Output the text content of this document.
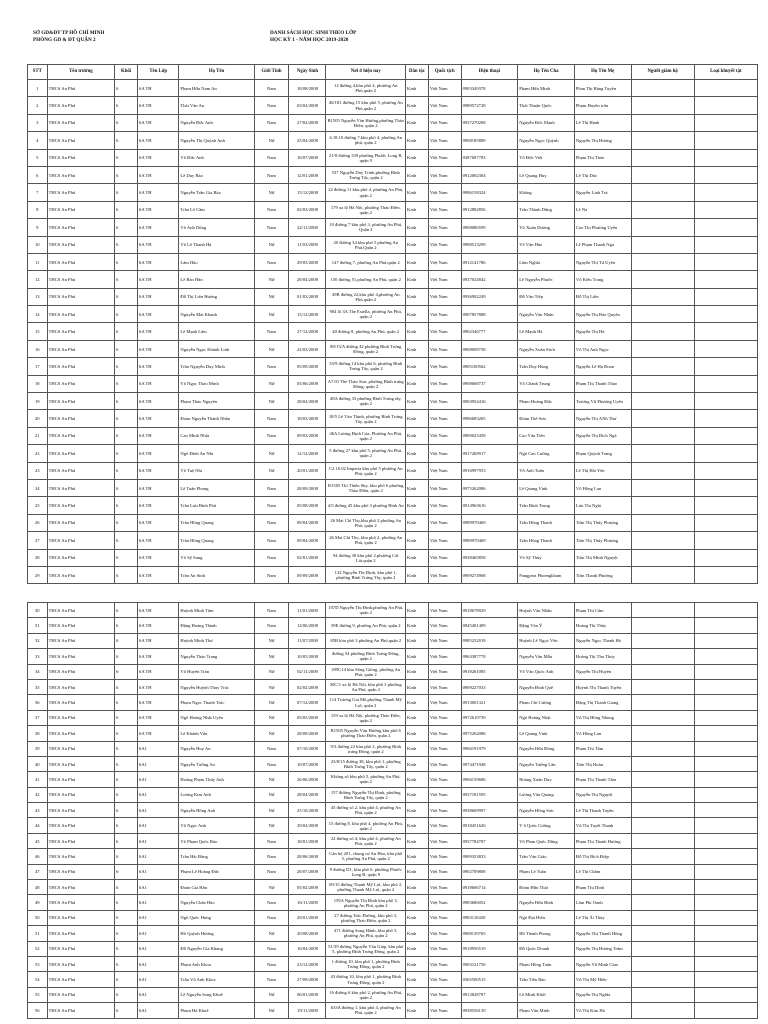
SỞ GD&ĐT TP HỒ CHÍ MINH
PHÒNG GD & ĐT QUẬN 2
DANH SÁCH HỌC SINH THEO LỚP
HỌC KỲ 1 - NĂM HỌC 2019-2020
STT	Tên trường	Khối	Tên Lớp	Họ Tên	Giới Tính	Ngày Sinh	Nơi ở hiện nay	Dân tộc	Quốc tịch	Điện thoại	Họ Tên Cha	Họ Tên Mẹ	Người giám hộ	Loại khuyết tật
1	THCS An Phú	6	6A TH	Phạm Hữu Nam An	Nam	18/08/2008	12 đường 4,khu phố 4, phường An Phú,quận 2	Kinh	Việt Nam	0903349378	Phạm Hữu Minh	Phan Thị Băng Tuyền		
2	THCS An Phú	6	6A TH	Thái Văn An	Nam	03/04/2008	40/181 đường 15 khu phố 5, phường An Phú,quận 2	Kinh	Việt Nam	0989572728	Thái Thuận Quốc	Phạm Huyền trân		
3	THCS An Phú	6	6A TH	Nguyễn Đức Anh	Nam	27/02/2008	B1505 Nguyễn Văn Hưởng,phường Thảo Điền, quận 2	Kinh	Việt Nam	0937270268	Nguyễn Đức Mạnh	Lê Thị Hạnh		
4	THCS An Phú	6	6A TH	Nguyễn Thị Quỳnh Anh	Nữ	25/04/2008	6.18.10 đường 7,khu phố 4, phường An phú, quận 2	Kinh	Việt Nam	0908185889	Nguyễn Ngọc Quỳnh	Nguyễn Thị Hương		
5	THCS An Phú	6	6A TH	Võ Đức Anh	Nam	16/07/2008	21/8 đường 339 phường Phước Long B, quận 9	Kinh	Việt Nam	0387687783	Võ Đức Việt	Phạm Thị Thảo		
6	THCS An Phú	6	6A TH	Lê Duy Bảo	Nam	12/01/2008	537 Nguyễn Duy Trinh,phường Bình Trưng Tây, quận 2	Kinh	Việt Nam	0912002304	Lê Quang Huy	Lê Thị Dảo		
7	THCS An Phú	6	6A TH	Nguyễn Trần Gia Bảo	Nữ	15/12/2008	22 đường 11 khu phố 4, phường An Phú, quận 2	Kinh	Việt Nam	0986158324	Không	Nguyễn Linh Trà		
8	THCS An Phú	6	6A TH	Trần Lê Cầm	Nam	02/03/2008	179 xa lộ Hà Nội, phường Thảo Điền, quận 2	Kinh	Việt Nam	0912882856	Trần Thành Dũng	Lê Na		
9	THCS An Phú	6	6A TH	Võ Anh Dũng	Nam	22/11/2008	10 đường 7 khu phố 3, phường An Phú, Quận 2	Kinh	Việt Nam	0908086599	Võ Xuân Dương	Cao Thị Phương Uyên		
10	THCS An Phú	6	6A TH	Võ Lê Thanh Hà	Nữ	11/03/2008	20 đường 34 khu phố 5 phường An Phú,Quận 2	Kinh	Việt Nam	0988513299	Võ Văn Hào	Lê Phạm Thanh Nga		
11	THCS An Phú	6	6A TH	Lâm Hảo	Nam	29/05/2008	147 đường 7, phường An Phú,quận 2	Kinh	Việt Nam	0912141786	Lâm Nghĩa	Nguyễn Thị Tú Uyên		
12	THCS An Phú	6	6A TH	Lê Bảo Hân	Nữ	28/04/2008	150 đường 51,phường An Phú, quận 2	Kinh	Việt Nam	0937024842	Lê Nguyễn Phước	Võ Kiều Trang		
13	THCS An Phú	6	6A TH	Đỗ Thị Liên Hương	Nữ	01/03/2008	49B đường 22,khu phố 4,phường An Phú,quận 2	Kinh	Việt Nam	0936902249	Đỗ Văn Tiếp	Đỗ Thị Liên		
14	THCS An Phú	6	6A TH	Nguyễn Mai Khanh	Nữ	15/12/2008	904 lô 3A The Estella, phường An Phú, quận 2	Kinh	Việt Nam	0907857888	Nguyễn Văn Nhân	Nguyễn Thị Bảo Quyên		
15	THCS An Phú	6	6A TH	Lê Mạnh Lâm	Nam	27/12/2008	40 đường 8, phường An Phú, quận 2	Kinh	Việt Nam	0902346777	Lê Mạnh Hà	Nguyễn Thị Hà		
16	THCS An Phú	6	6A TH	Nguyễn Ngọc Khánh Linh	Nữ	22/03/2008	80/13/A đường 42 phường Bình Trưng Đông, quận 2	Kinh	Việt Nam	0908008758	Nguyễn Xuân Sách	Võ Thị Anh Ngọc		
17	THCS An Phú	6	6A TH	Trần Nguyễn Duy Minh	Nam	05/09/2008	35/9 đường 14 khu phố 6, phường Bình Trưng Tây, quận 2	Kinh	Việt Nam	0905100562	Trần Duy Hùng	Nguyễn Lê Hạ Đoan		
18	THCS An Phú	6	6A TH	Võ Ngọc Thảo Minh	Nữ	03/06/2008	A7.01 The Thảo Star, phường Bình trưng Đông, quận 2	Kinh	Việt Nam	0908668737	Võ Chánh Trung	Phạm Thị Thanh Thảo		
19	THCS An Phú	6	6A TH	Phạm Thảo Nguyên	Nữ	28/04/2008	48A đường 33 phường Bình Trưng tây, quận 2	Kinh	Việt Nam	0903954416	Phạm Hoàng Đức	Trương Vũ Phương Uyên		
20	THCS An Phú	6	6A TH	Đoàn Nguyễn Thành Nhân	Nam	18/03/2008	18/5 Lê Văn Thịnh, phường Bình Trưng Tây, quận 2	Kinh	Việt Nam	0986683265	Đoàn Thế Sơn	Nguyễn Thị ANh Thư		
21	THCS An Phú	6	6A TH	Cao Minh Nhật	Nam	09/03/2008	46A Lương Định Của, Phường An Phú, quận 2	Kinh	Việt Nam	0909025458	Cao Văn Tiến	Nguyễn Thị Bích Ngà		
22	THCS An Phú	6	6A TH	Ngô Đình An Nhi	Nữ	12/12/2008	5 đường 27 khu phố 5, phường An Phú, quận 2	Kinh	Việt Nam	0917269917	Ngô Cao Cường	Phạm Quỳnh Trang		
23	THCS An Phú	6	6A TH	Võ Tuệ Nhi	Nữ	20/01/2008	C2.16.02 Imperia khu phố 5 phường An Phú, quận 2	Kinh	Việt Nam	0916997953	Võ Anh Tuấn	Lê Thị Hải Yến		
24	THCS An Phú	6	6A TH	Lê Tuấn Phong	Nam	28/09/2008	B1505 Thi Thiên Sky, khu phố 6 phường Thảo Điền, quận 2	Kinh	Việt Nam	0975262086	Lê Quang Vinh	Võ Hồng Lan		
25	THCS An Phú	6	6A TH	Trần Lưu Bình Phú	Nam	05/08/2008	4/5 đường 45 khu phố 3 phường Bình An	Kinh	Việt Nam	0914963616	Trần Bình Trung	Lưu Thị Nghi		
26	THCS An Phú	6	6A TH	Trần Hồng Quang	Nam	09/04/2008	26 Mai Chí Thọ,khu phố 2 phường An Phú, quận 2	Kinh	Việt Nam	0989970469	Trần Hồng Thanh	Trần Thị Thúy Phượng		
27	THCS An Phú	6	6A TH	Trần Hồng Quang	Nam	09/04/2008	26 Mai Chí Thọ, khu phố 2, phường An Phú, quận 2	Kinh	Việt Nam	0989970469	Trần Hồng Thanh	Trần Thị Thúy Phượng		
28	THCS An Phú	6	6A TH	Võ Sỹ Sang	Nam	02/01/2008	94 đường 30 khu phố 2,phường Cát Lái,quận 2	Kinh	Việt Nam	0938465858	Võ Sỹ Thủy	Trần Thị Minh Nguyệt		
29	THCS An Phú	6	6A TH	Trần An Sinh	Nam	09/09/2008	132 Nguyễn Thị Định, khu phố 1, phường Bình Trưng Tây, quận 2	Kinh	Việt Nam	0909274968	Pangpera Phuengkham	Trần Thanh Phương		
30	THCS An Phú	6	6A TH	Huỳnh Minh Tâm	Nam	11/01/2008	107D Nguyễn Thị Định,phường An Phú, quận 2	Kinh	Việt Nam	0918678929	Huỳnh Văn Nhân	Phạm Thị Cẩm		
31	THCS An Phú	6	6A TH	Đặng Hoàng Thành	Nam	12/06/2008	39E đường 9, phường An Phú, quận 2	Kinh	Việt Nam	0945401409	Đặng Văn Ý	Hoàng Thị Thủy		
32	THCS An Phú	6	6A TH	Huỳnh Minh Thư	Nữ	11/07/2008	85B khu phố 3 phường An Phú,quận 2	Kinh	Việt Nam	0985252018	Huỳnh Lê Ngọc Vẽn	Nguyễn Ngọc Thanh Hà		
33	THCS An Phú	6	6A TH	Nguyễn Thảo Trang	Nữ	10/05/2008	đường 54 phường Bình Trưng Đông, quận 2	Kinh	Việt Nam	0963387778	Nguyễn Văn Mẫu	Hoàng Thị Thu Thủy		
34	THCS An Phú	6	6A TH	Võ Huyền Trân	Nữ	02/11/2008	299C14 khu Sông Giồng, phường An Phú, quận 2	Kinh	Việt Nam	0918261085	Võ Văn Quốc Anh	Nguyễn Thị Huyền		
35	THCS An Phú	6	6A TH	Nguyễn Huỳnh Thủy Trúc	Nữ	02/02/2008	30C/1 xa lộ Hà Nội, khu phố 3 phường An Phú, quận 2	Kinh	Việt Nam	0909227033	Nguyễn Đình Quế	Huỳnh Thị Thanh Tuyền		
36	THCS An Phú	6	6A TH	Phạm Ngọc Thanh Trúc	Nữ	07/12/2008	114 Trương Gia Mô,phường Thạnh Mỹ Lợi, quận 2	Kinh	Việt Nam	0913001321	Phạm Chí Cường	Đặng Thị Thanh Giang		
37	THCS An Phú	6	6A TH	Ngô Hoàng Nhật Uyên	Nữ	05/05/2008	159 xa lộ Hà Nội, phường Thảo Điền, quận 2	Kinh	Việt Nam	0972619739	Ngô Hoàng Nhật	Vũ Thị Hồng Nhung		
38	THCS An Phú	6	6A TH	Lê Khánh Vân	Nữ	28/09/2008	B1505 Nguyễn Văn Hưởng khu phố 6 phường Thảo Điền, quận 2	Kinh	Việt Nam	0975262086	Lê Quang Vinh	Võ Hồng Lan		
39	THCS An Phú	6	6A1	Nguyễn Huy An	Nam	07/10/2008	9/3 đường 22 khu phố 2, phường Bình trưng Đông, quận 2	Kinh	Việt Nam	0966191979	Nguyễn Hữu Đông	Phạm Thị Tâm		
40	THCS An Phú	6	6A1	Nguyễn Tường An	Nam	10/07/2008	23/8/15 đường 38, khu phố 1, phường Bình Trưng Tây, quận 2	Kinh	Việt Nam	0974471948	Nguyễn Tường Lân	Trần Thị Hoàn		
41	THCS An Phú	6	6A1	Hoàng Phạm Thúy Anh	Nữ	26/06/2008	Không số khu phố 5, phường An Phú, quận 2	Kinh	Việt Nam	0966159686	Hoàng Xuân Duy	Phạm Thị Thanh Tâm		
42	THCS An Phú	6	6A1	Lương Kim Anh	Nữ	28/04/2008	157 đường Nguyễn Thị Định, phường Bình Trưng Tây, quận 2	Kinh	Việt Nam	0937181595	Lương Văn Quang	Nguyễn Thị Nguyệt		
43	THCS An Phú	6	6A1	Nguyễn Hồng Anh	Nữ	25/10/2008	45 đường số 2, khu phố 4, phường An Phú, quận 2	Kinh	Việt Nam	0938669997	Nguyễn Hồng Sơn	Lê Thị Thanh Tuyền		
44	THCS An Phú	6	6A1	Võ Ngọc Anh	Nữ	29/04/2008	15 đường 8, khu phố 4, phường An Phú, quận 2	Kinh	Việt Nam	0918451626	V õ Quốc Cường	Vũ Thị Tuyết Thanh		
45	THCS An Phú	6	6A1	Võ Phạm Quốc Bảo	Nam	18/01/2008	22 đường số 4, khu phố 4, phường An Phú, quận 2	Kinh	Việt Nam	0937784787	Võ Phan Quốc Dũng	Phạm Thị Thanh Hương		
46	THCS An Phú	6	6A1	Trần Hải Đăng	Nam	28/06/2008	Căn hộ 201, chung cư An Hòa, khu phố 5, phường An Phú, quận 2	Kinh	Việt Nam	0909353833	Trần Văn Giáo	Đỗ Thị Bích Điệp		
47	THCS An Phú	6	6A1	Phạm Lê Hoàng Đức	Nam	28/07/2008	9 đường D1, khu phố 6, phường Phước Long B, quận 9	Kinh	Việt Nam	0902709808	Phạm Lê Tuấn	Lê Thị Châm		
48	THCS An Phú	6	6A1	Đoàn Gia Hân	Nữ	05/02/2008	69/15 đường Thạnh Mỹ Lợi, khu phố 2, phường Thạnh Mỹ Lợi, quận 2	Kinh	Việt Nam	0918606714	Đoàn Hữu Thái	Phạm Thị Dinh		
49	THCS An Phú	6	6A1	Nguyễn Chấn Hào	Nam	16/11/2008	159A Nguyễn Thị Định khu phố 3, phường An Phú, quận 2	Kinh	Việt Nam	0983686052	Nguyễn Hữu Bình	Lâm Phi Oanh		
50	THCS An Phú	6	6A1	Ngô Quốc Hưng	Nam	29/01/2008	27 đường Trúc Đường, khu phố 3, phường Thảo Điền, quận 2	Kinh	Việt Nam	0983110430	Ngô Đại Hiếu	Lê Thị Ái Thủy		
51	THCS An Phú	6	6A1	Hồ Quỳnh Hương	Nữ	20/08/2008	471 đường Song Hành, khu phố 5, phường An Phú, quận 2	Kinh	Việt Nam	0908139765	Hồ Thanh Phong	Nguyễn Thị Thanh Hồng		
52	THCS An Phú	6	6A1	Đỗ Nguyễn Gia Khang	Nam	16/04/2008	51/39 đường Nguyễn Văn Giáp, khu phố 5, phường Bình Trưng Đông, quận 2	Kinh	Việt Nam	0918956519	Đỗ Quốc Doanh	Nguyễn Thị Hương Trâm		
53	THCS An Phú	6	6A1	Phạm Anh Khoa	Nam	23/12/2008	1 đường 10, khu phố 1, phường Bình Trưng Đông, quận 2	Kinh	Việt Nam	0903121750	Phạm Hồng Tuấn	Nguyễn Vũ Minh Giao		
54	THCS An Phú	6	6A1	Trần Vũ Anh Khoa	Nam	27/09/2008	43 đường 10, khu phố 1, phường Bình Trưng Đông, quận 2	Kinh	Việt Nam	0365500515	Trần Tiến Bảo	Vũ Thị Mỹ Hiền		
55	THCS An Phú	6	6A1	Lê Nguyễn Song Khuê	Nữ	06/01/2008	16 đường 6 khu phố 2, phường An Phú, quận 2	Kinh	Việt Nam	0913828787	Lê Minh Khởi	Nguyễn Thị Nghĩa		
56	THCS An Phú	6	6A1	Phạm Hà Khuê	Nữ	19/11/2008	633A đường 1, khu phố 4, phường An Phú, quận 2	Kinh	Việt Nam	0938556139	Phạm Văn Minh	Võ Thị Kim Hà		
